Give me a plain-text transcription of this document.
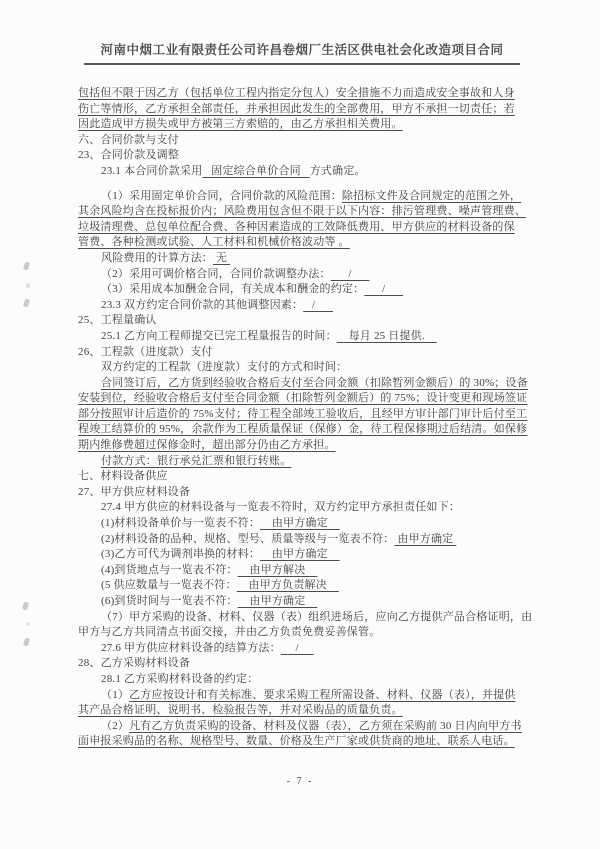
河南中烟工业有限责任公司许昌卷烟厂生活区供电社会化改造项目合同
包括但不限于因乙方（包括单位工程内指定分包人）安全措施不力而造成安全事故和人身
伤亡等情形，乙方承担全部责任，并承担因此发生的全部费用，甲方不承担一切责任；若
因此造成甲方损失或甲方被第三方索赔的，由乙方承担相关费用。
六、合同价款与支付
23、合同价款及调整
23.1 本合同价款采用   固定综合单价合同   方式确定。
（1）采用固定单价合同，合同价款的风险范围：除招标文件及合同规定的范围之外，
其余风险均含在投标报价内；风险费用包含但不限于以下内容：排污管理费、噪声管理费、
垃圾清理费、总包单位配合费、各种因素造成的工效降低费用、甲方供应的材料设备的保
管费、各种检测或试验、人工材料和机械价格波动等 。
风险费用的计算方法： 无
（2）采用可调价格合同，合同价款调整办法：      /
（3）采用成本加酬金合同，有关成本和酬金的约定：      /
23.3 双方约定合同价款的其他调整因素：   /
25、工程量确认
25.1 乙方向工程师提交已完工程量报告的时间：    每月 25 日提供.
26、工程款（进度款）支付
双方约定的工程款（进度款）支付的方式和时间：
合同签订后，乙方货到经验收合格后支付至合同金额（扣除暂列金额后）的 30%；设备
安装到位，经验收合格后支付至合同金额（扣除暂列金额后）的 75%；设计变更和现场签证
部分按照审计后造价的 75%支付；待工程全部竣工验收后，且经甲方审计部门审计后付至工
程竣工结算价的 95%，余款作为工程质量保证（保修）金，待工程保修期过后结清。如保修
期内维修费超过保修金时，超出部分仍由乙方承担。
付款方式：银行承兑汇票和银行转账。
七、材料设备供应
27、甲方供应材料设备
27.4 甲方供应的材料设备与一览表不符时，双方约定甲方承担责任如下：
(1)材料设备单价与一览表不符：    由甲方确定
(2)材料设备的品种、规格、型号、质量等级与一览表不符： 由甲方确定
(3)乙方可代为调剂串换的材料：    由甲方确定
(4)到货地点与一览表不符：    由甲方解决
(5 供应数量与一览表不符：    由甲方负责解决
(6)到货时间与一览表不符：    由甲方确定
（7）甲方采购的设备、材料、仪器（表）组织进场后，应向乙方提供产品合格证明，由
甲方与乙方共同清点书面交接，并由乙方负责免费妥善保管。
27.6 甲方供应材料设备的结算方法：     /
28、乙方采购材料设备
28.1 乙方采购材料设备的约定：
（1）乙方应按设计和有关标准、要求采购工程所需设备、材料、仪器（表），并提供
其产品合格证明、说明书、检验报告等，并对采购品的质量负责。
（2）凡有乙方负责采购的设备、材料及仪器（表），乙方须在采购前 30 日内向甲方书
面申报采购品的名称、规格型号、数量、价格及生产厂家或供货商的地址、联系人电话。
- 7 -
